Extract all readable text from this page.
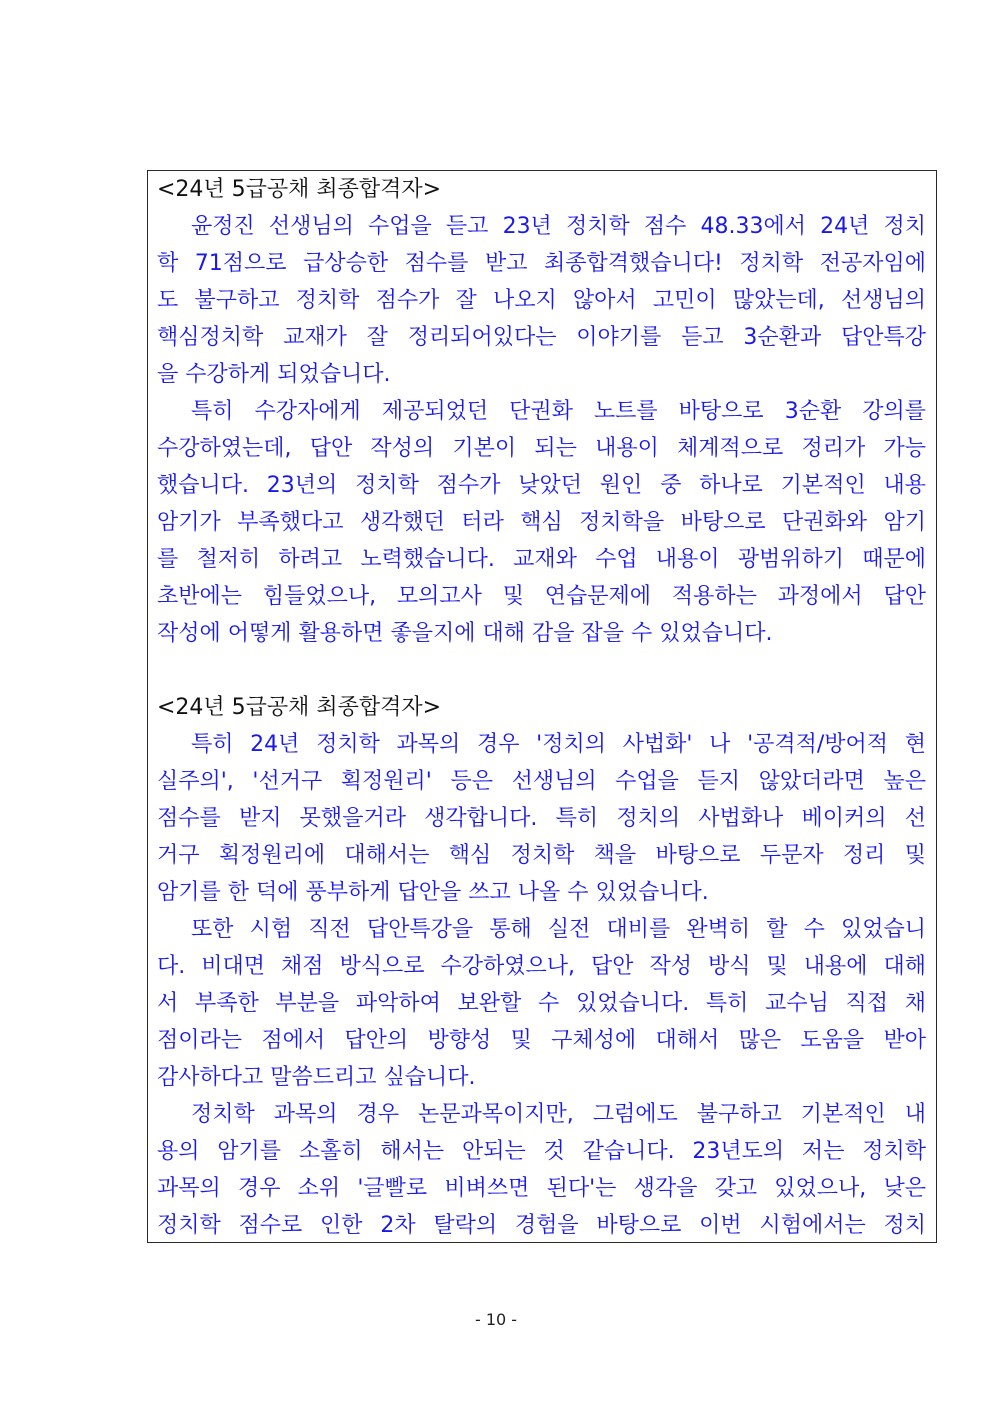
<24년 5급공채 최종합격자>
윤정진 선생님의 수업을 듣고 23년 정치학 점수 48.33에서 24년 정치
학 71점으로 급상승한 점수를 받고 최종합격했습니다! 정치학 전공자임에
도 불구하고 정치학 점수가 잘 나오지 않아서 고민이 많았는데, 선생님의
핵심정치학 교재가 잘 정리되어있다는 이야기를 듣고 3순환과 답안특강
을 수강하게 되었습니다.
특히 수강자에게 제공되었던 단권화 노트를 바탕으로 3순환 강의를
수강하였는데, 답안 작성의 기본이 되는 내용이 체계적으로 정리가 가능
했습니다. 23년의 정치학 점수가 낮았던 원인 중 하나로 기본적인 내용
암기가 부족했다고 생각했던 터라 핵심 정치학을 바탕으로 단권화와 암기
를 철저히 하려고 노력했습니다. 교재와 수업 내용이 광범위하기 때문에
초반에는 힘들었으나, 모의고사 및 연습문제에 적용하는 과정에서 답안
작성에 어떻게 활용하면 좋을지에 대해 감을 잡을 수 있었습니다.
<24년 5급공채 최종합격자>
특히 24년 정치학 과목의 경우 '정치의 사법화' 나 '공격적/방어적 현
실주의', '선거구 획정원리' 등은 선생님의 수업을 듣지 않았더라면 높은
점수를 받지 못했을거라 생각합니다. 특히 정치의 사법화나 베이커의 선
거구 획정원리에 대해서는 핵심 정치학 책을 바탕으로 두문자 정리 및
암기를 한 덕에 풍부하게 답안을 쓰고 나올 수 있었습니다.
또한 시험 직전 답안특강을 통해 실전 대비를 완벽히 할 수 있었습니
다. 비대면 채점 방식으로 수강하였으나, 답안 작성 방식 및 내용에 대해
서 부족한 부분을 파악하여 보완할 수 있었습니다. 특히 교수님 직접 채
점이라는 점에서 답안의 방향성 및 구체성에 대해서 많은 도움을 받아
감사하다고 말씀드리고 싶습니다.
정치학 과목의 경우 논문과목이지만, 그럼에도 불구하고 기본적인 내
용의 암기를 소홀히 해서는 안되는 것 같습니다. 23년도의 저는 정치학
과목의 경우 소위 '글빨로 비벼쓰면 된다'는 생각을 갖고 있었으나, 낮은
정치학 점수로 인한 2차 탈락의 경험을 바탕으로 이번 시험에서는 정치
- 10 -
